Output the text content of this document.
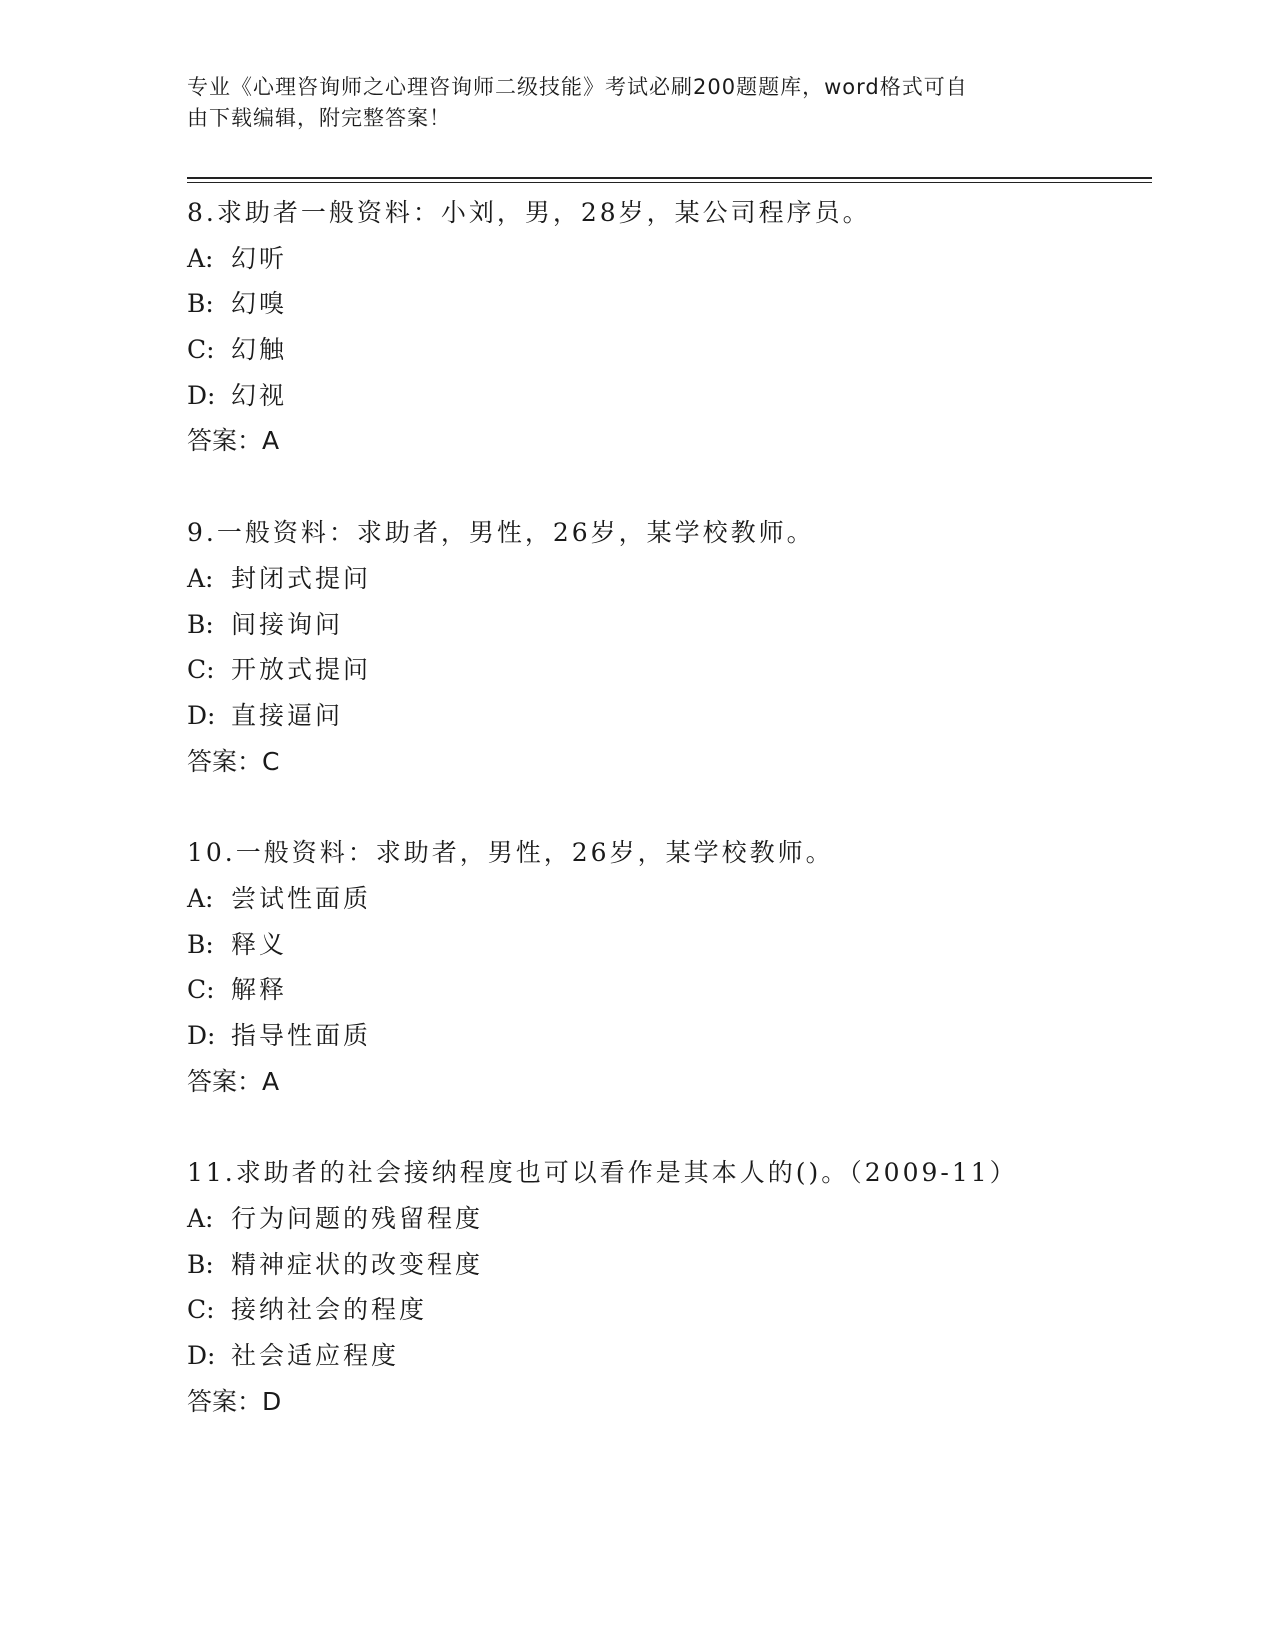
专业《心理咨询师之心理咨询师二级技能》考试必刷200题题库，word格式可自
由下载编辑，附完整答案！
8.求助者一般资料：小刘，男，28岁，某公司程序员。
A: 幻听
B: 幻嗅
C: 幻触
D: 幻视
答案：A
9.一般资料：求助者，男性，26岁，某学校教师。
A: 封闭式提问
B: 间接询问
C: 开放式提问
D: 直接逼问
答案：C
10.一般资料：求助者，男性，26岁，某学校教师。
A: 尝试性面质
B: 释义
C: 解释
D: 指导性面质
答案：A
11.求助者的社会接纳程度也可以看作是其本人的()。（2009-11）
A: 行为问题的残留程度
B: 精神症状的改变程度
C: 接纳社会的程度
D: 社会适应程度
答案：D
